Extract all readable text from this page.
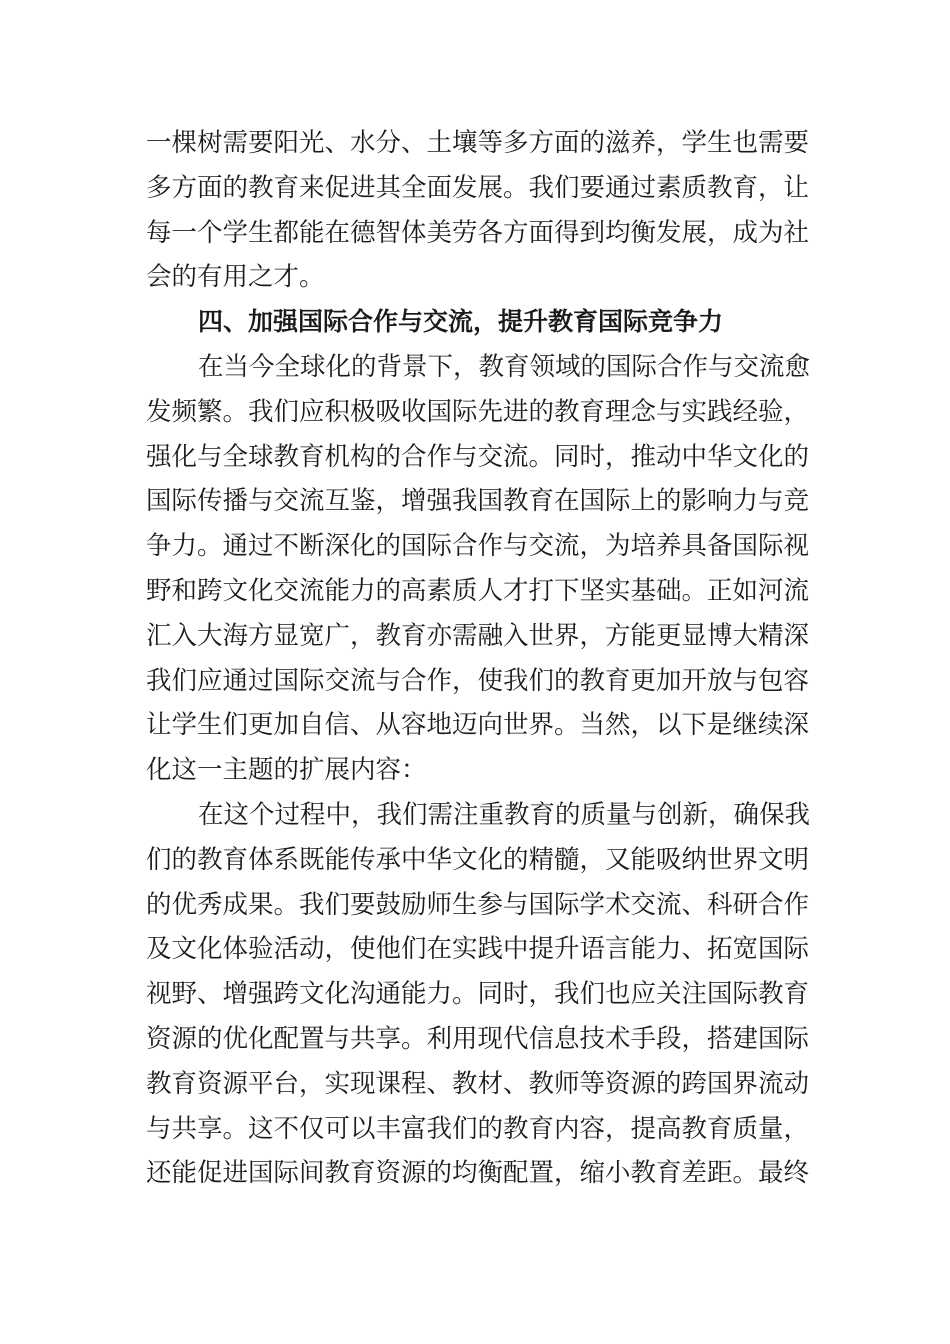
一棵树需要阳光、水分、土壤等多方面的滋养，学生也需要
多方面的教育来促进其全面发展。我们要通过素质教育，让
每一个学生都能在德智体美劳各方面得到均衡发展，成为社
会的有用之才。
四、加强国际合作与交流，提升教育国际竞争力
在当今全球化的背景下，教育领域的国际合作与交流愈
发频繁。我们应积极吸收国际先进的教育理念与实践经验，
强化与全球教育机构的合作与交流。同时，推动中华文化的
国际传播与交流互鉴，增强我国教育在国际上的影响力与竞
争力。通过不断深化的国际合作与交流，为培养具备国际视
野和跨文化交流能力的高素质人才打下坚实基础。正如河流
汇入大海方显宽广，教育亦需融入世界，方能更显博大精深
我们应通过国际交流与合作，使我们的教育更加开放与包容
让学生们更加自信、从容地迈向世界。当然，以下是继续深
化这一主题的扩展内容：
在这个过程中，我们需注重教育的质量与创新，确保我
们的教育体系既能传承中华文化的精髓，又能吸纳世界文明
的优秀成果。我们要鼓励师生参与国际学术交流、科研合作
及文化体验活动，使他们在实践中提升语言能力、拓宽国际
视野、增强跨文化沟通能力。同时，我们也应关注国际教育
资源的优化配置与共享。利用现代信息技术手段，搭建国际
教育资源平台，实现课程、教材、教师等资源的跨国界流动
与共享。这不仅可以丰富我们的教育内容，提高教育质量，
还能促进国际间教育资源的均衡配置，缩小教育差距。最终
